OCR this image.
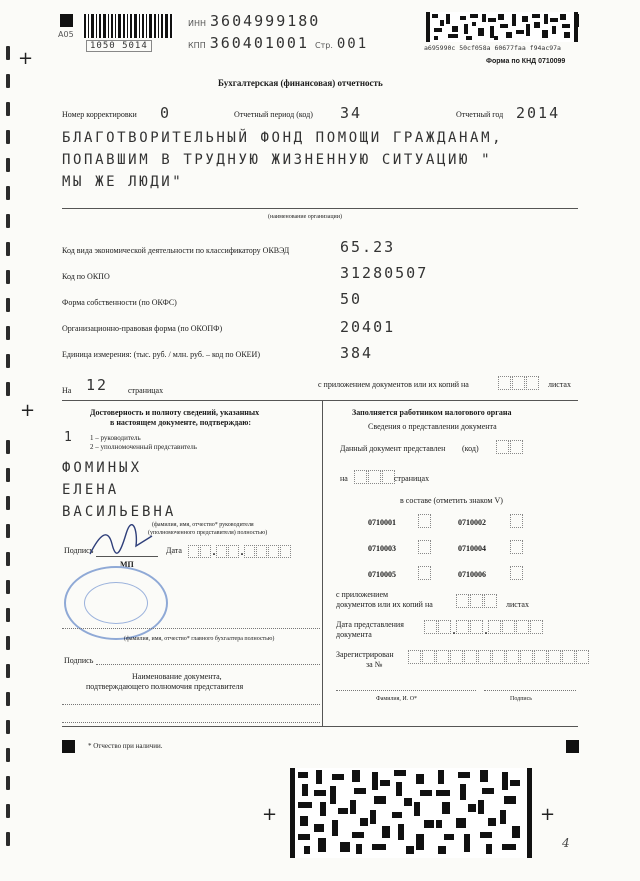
+
+
+	+
A05
1050 5014
ИНН 3604999180
КПП 360401001 Стр. 001	a695990c 50cf058a 60677faa f94ac97a
Форма по КНД 0710099
Бухгалтерская (финансовая) отчетность
Номер корректировки 0	Отчетный период (код) 34	Отчетный год 2014
БЛАГОТВОРИТЕЛЬНЫЙ ФОНД ПОМОЩИ ГРАЖДАНАМ,
ПОПАВШИМ В ТРУДНУЮ ЖИЗНЕННУЮ СИТУАЦИЮ "
МЫ ЖЕ ЛЮДИ"
(наименование организации)
Код вида экономической деятельности по классификатору ОКВЭД	65.23
Код по ОКПО	31280507
Форма собственности (по ОКФС)	50
Организационно-правовая форма (по ОКОПФ)	20401
Единица измерения: (тыс. руб. / млн. руб. – код по ОКЕИ)	384
На 12 страницах
с приложением документов или их копий на	листах
Достоверность и полноту сведений, указанных
в настоящем документе, подтверждаю:
1 1 – руководитель
2 – уполномоченный представитель
ФОМИНЫХ
ЕЛЕНА
ВАСИЛЬЕВНА
(фамилия, имя, отчество* руководителя
(уполномоченного представителя) полностью)
Подпись	Дата	. .
МП
(фамилия, имя, отчество* главного бухгалтера полностью)
Подпись
Наименование документа,
подтверждающего полномочия представителя
Заполняется работником налогового органа
Сведения о представлении документа
Данный документ представлен (код)
на	страницах
в составе (отметить знаком V)
0710001	0710002
0710003	0710004
0710005	0710006
с приложением
документов или их копий на	листах
Дата представления
документа	. .
Зарегистрирован
за №
Фамилия, И. О*	Подпись
* Отчество при наличии.
4
